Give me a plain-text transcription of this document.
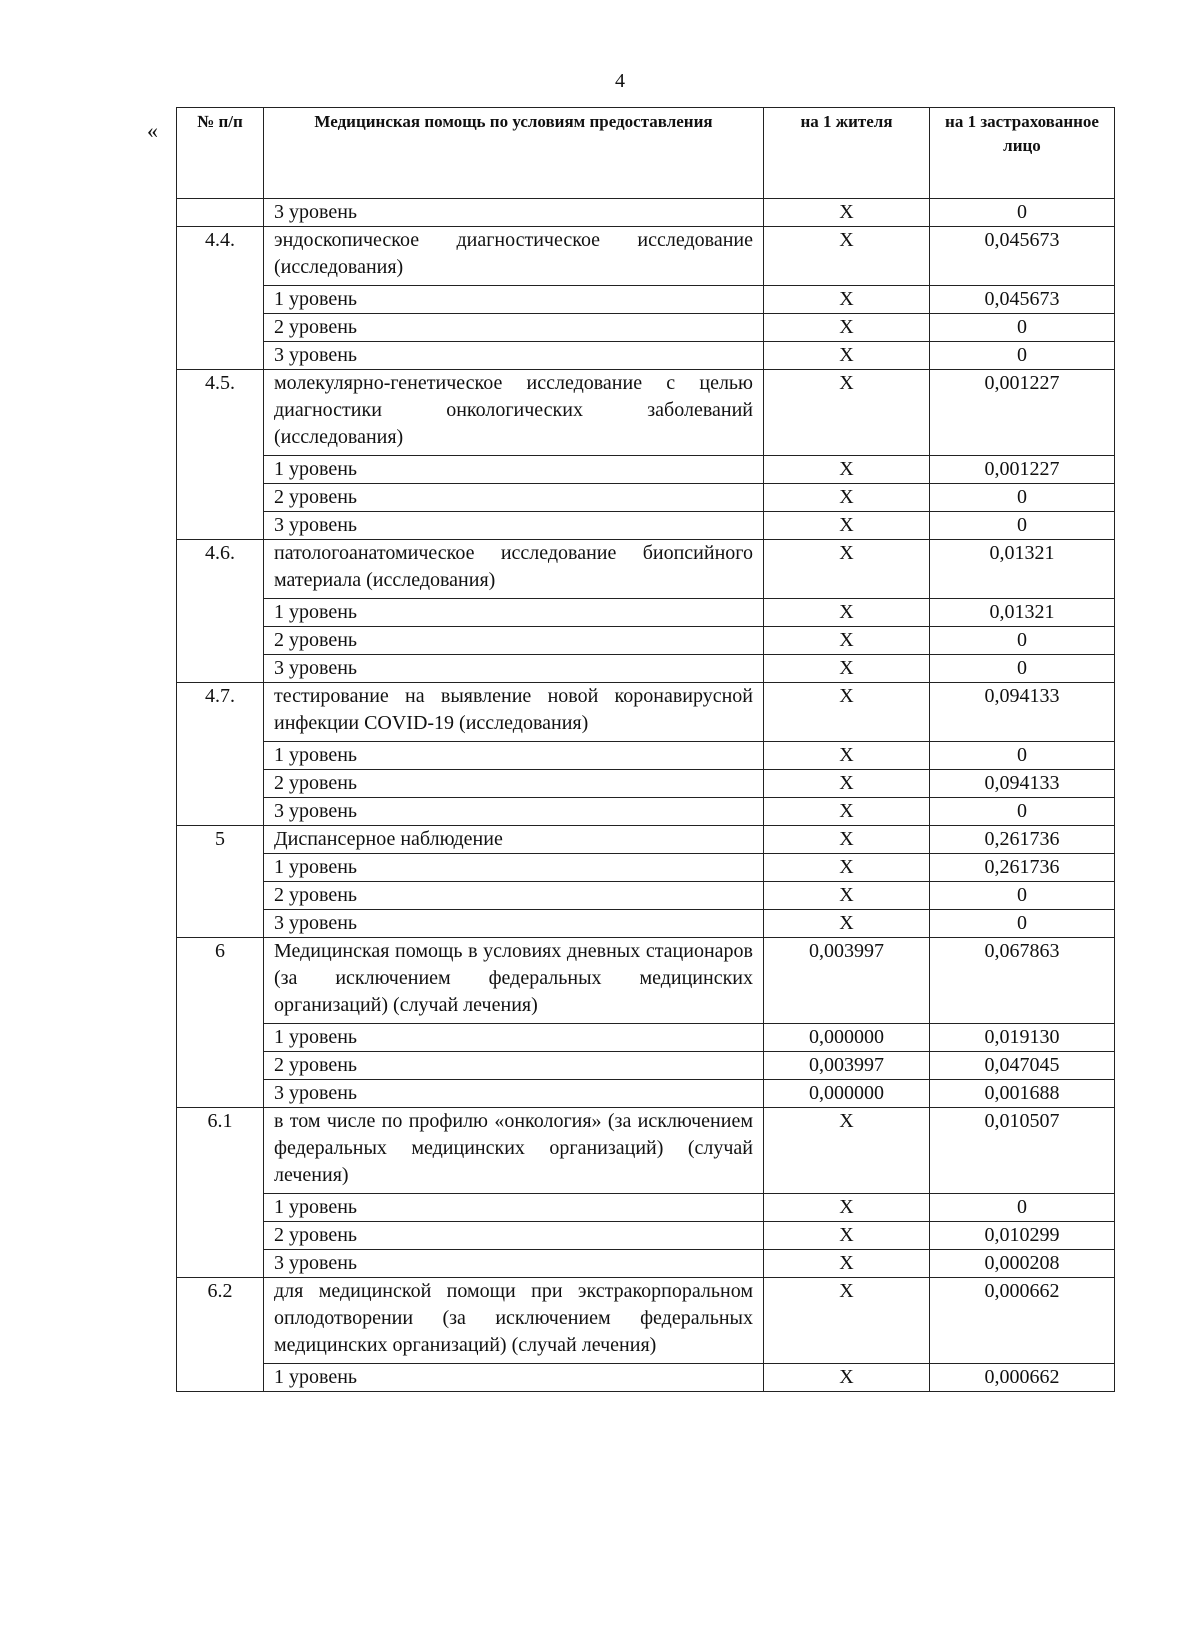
4
« № п/п	Медицинская помощь по условиям предоставления	на 1 жителя	на 1 застрахованное лицо
	3 уровень	X	0
4.4.	эндоскопическое диагностическое исследование (исследования)	X	0,045673
	1 уровень	X	0,045673
	2 уровень	X	0
	3 уровень	X	0
4.5.	молекулярно-генетическое исследование с целью диагностики онкологических заболеваний (исследования)	X	0,001227
	1 уровень	X	0,001227
	2 уровень	X	0
	3 уровень	X	0
4.6.	патологоанатомическое исследование биопсийного материала (исследования)	X	0,01321
	1 уровень	X	0,01321
	2 уровень	X	0
	3 уровень	X	0
4.7.	тестирование на выявление новой коронавирусной инфекции COVID-19 (исследования)	X	0,094133
	1 уровень	X	0
	2 уровень	X	0,094133
	3 уровень	X	0
5	Диспансерное наблюдение	X	0,261736
	1 уровень	X	0,261736
	2 уровень	X	0
	3 уровень	X	0
6	Медицинская помощь в условиях дневных стационаров (за исключением федеральных медицинских организаций) (случай лечения)	0,003997	0,067863
	1 уровень	0,000000	0,019130
	2 уровень	0,003997	0,047045
	3 уровень	0,000000	0,001688
6.1	в том числе по профилю «онкология» (за исключением федеральных медицинских организаций) (случай лечения)	X	0,010507
	1 уровень	X	0
	2 уровень	X	0,010299
	3 уровень	X	0,000208
6.2	для медицинской помощи при экстракорпоральном оплодотворении (за исключением федеральных медицинских организаций) (случай лечения)	X	0,000662
	1 уровень	X	0,000662
